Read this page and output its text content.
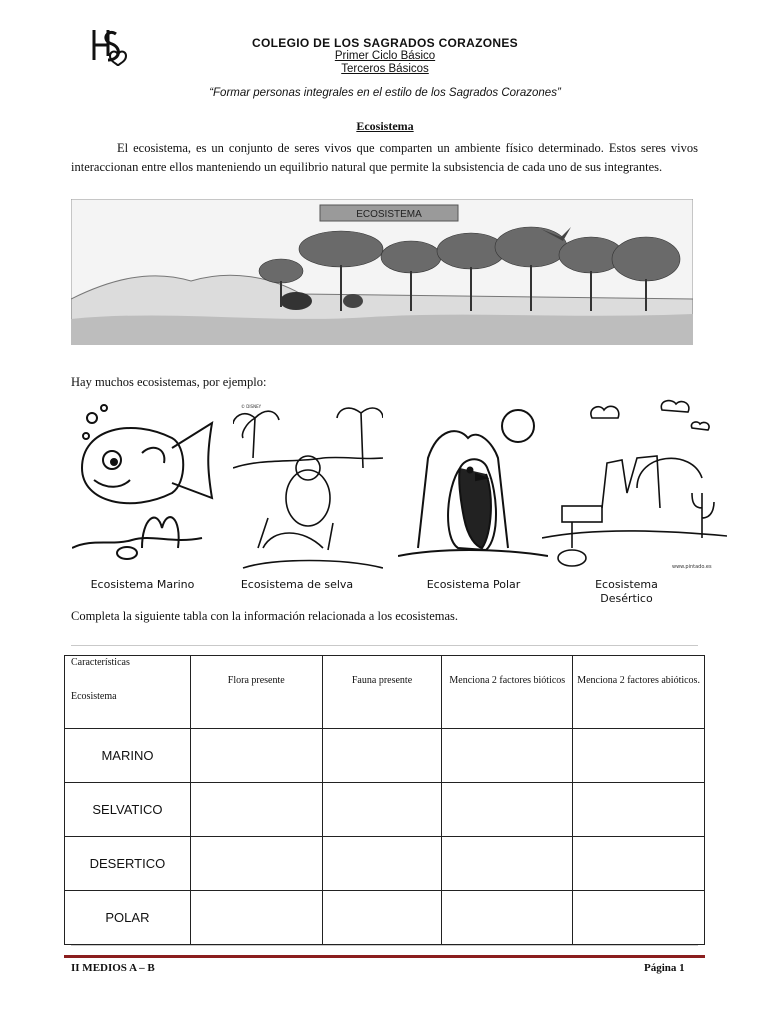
COLEGIO DE LOS SAGRADOS CORAZONES
Primer Ciclo Básico
Terceros Básicos
“Formar personas integrales en el estilo de los Sagrados Corazones”
Ecosistema
El ecosistema, es un conjunto de seres vivos que comparten un ambiente físico determinado. Estos seres vivos interaccionan entre ellos manteniendo un equilibrio natural que permite la subsistencia de cada uno de sus integrantes.
ECOSISTEMA
Hay muchos ecosistemas, por ejemplo:
© DISNEY
www.pintado.es
Ecosistema Marino	Ecosistema de selva	Ecosistema Polar	Ecosistema Desértico
Completa la siguiente tabla con la información relacionada a los ecosistemas.
Características
Ecosistema	Flora presente	Fauna presente	Menciona 2 factores bióticos	Menciona 2 factores abióticos.
MARINO				
SELVATICO				
DESERTICO				
POLAR				
II MEDIOS A – B	Página 1
